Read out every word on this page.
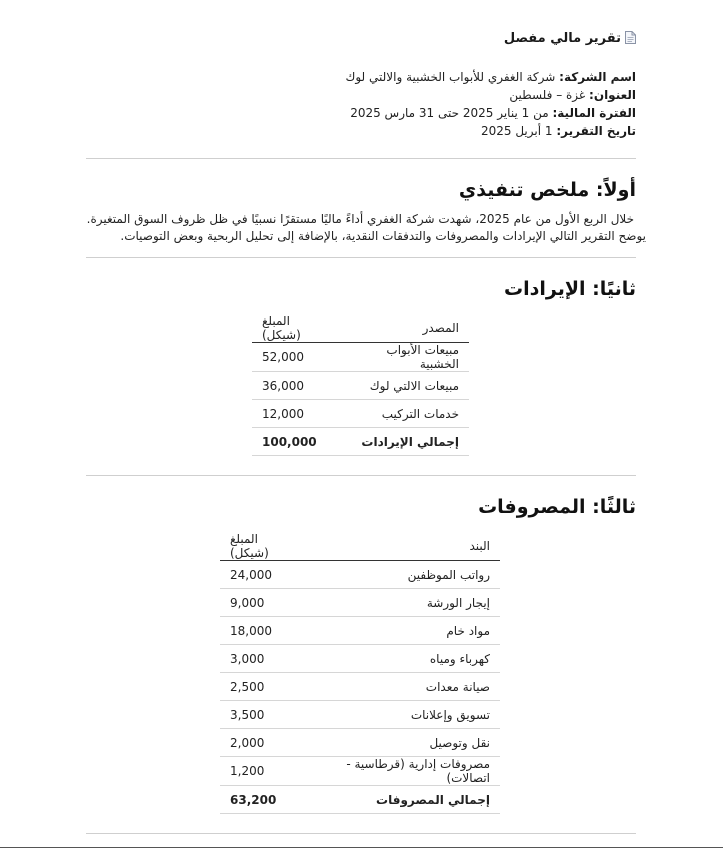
تقرير مالي مفصل
اسم الشركة: شركة الغفري للأبواب الخشبية والالتي لوك
العنوان: غزة – فلسطين
الفترة المالية: من 1 يناير 2025 حتى 31 مارس 2025
تاريخ التقرير: 1 أبريل 2025
أولاً: ملخص تنفيذي
خلال الربع الأول من عام 2025، شهدت شركة الغفري أداءً ماليًا مستقرًا نسبيًا في ظل ظروف السوق المتغيرة.
يوضح التقرير التالي الإيرادات والمصروفات والتدفقات النقدية، بالإضافة إلى تحليل الربحية وبعض التوصيات.
ثانيًا: الإيرادات
المصدر	المبلغ (شيكل)
مبيعات الأبواب الخشبية	52,000
مبيعات الالتي لوك	36,000
خدمات التركيب	12,000
إجمالي الإيرادات	100,000
ثالثًا: المصروفات
البند	المبلغ (شيكل)
رواتب الموظفين	24,000
إيجار الورشة	9,000
مواد خام	18,000
كهرباء ومياه	3,000
صيانة معدات	2,500
تسويق وإعلانات	3,500
نقل وتوصيل	2,000
مصروفات إدارية (قرطاسية - اتصالات)	1,200
إجمالي المصروفات	63,200
